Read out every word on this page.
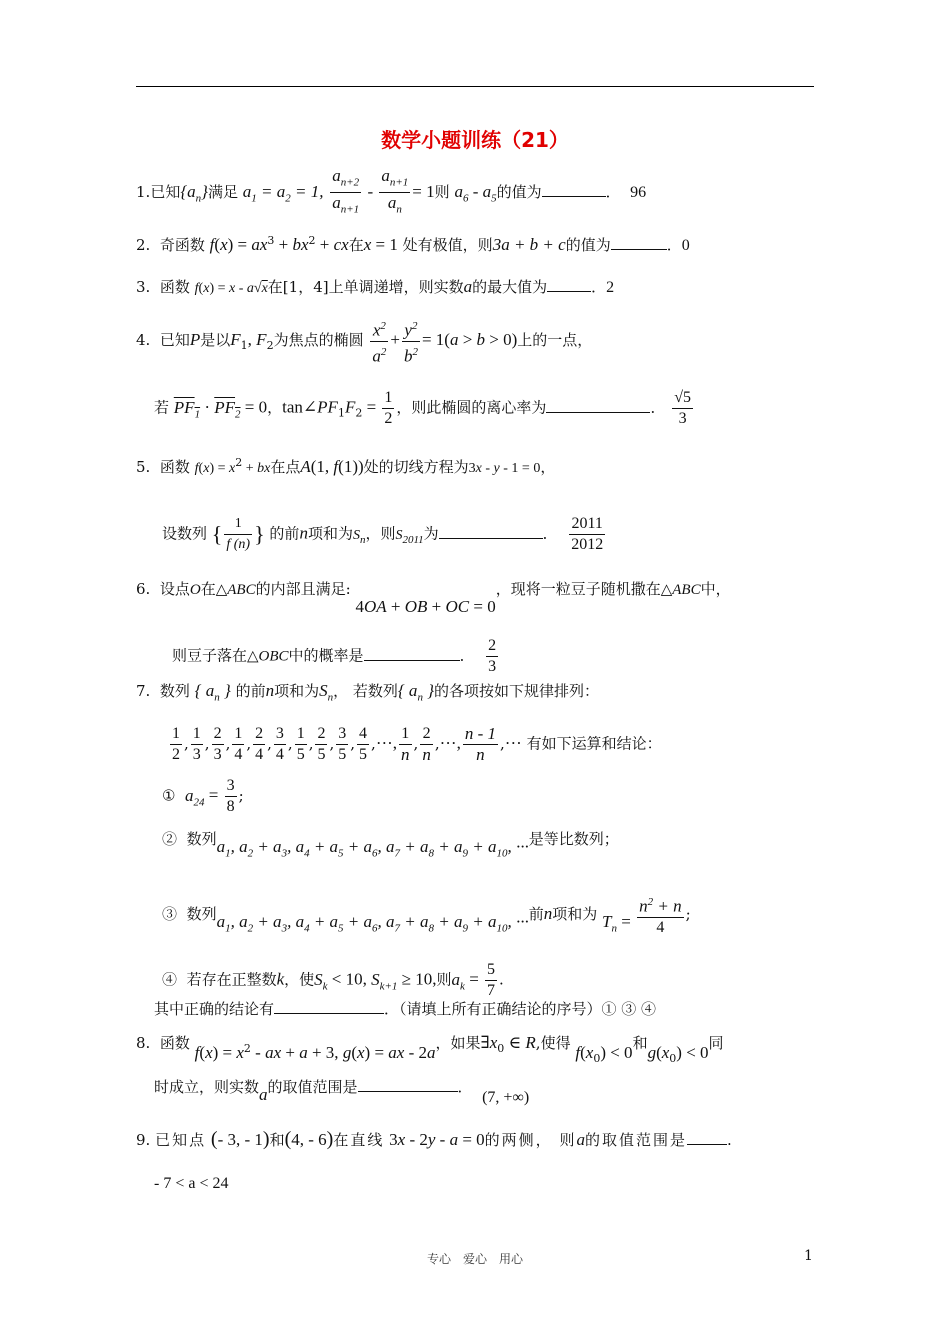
数学小题训练（21）
1.已知$\{a_n\}$满足 $a_1 = a_2 = 1$, $\frac{a_{n+2}}{a_{n+1}} - \frac{a_{n+1}}{a_n} = 1$则 $a_6 - a_5$的值为	．  96
2. 奇函数 $f(x) = ax^3 + bx^2$ + cx在x = 1 处有极值，则3a + b + c的值为	．0
3. 函数 f(x) = x - a√x在[1，4]上单调递增，则实数a的最大值为	．2
4. 已知P是以$F_1$, $F_2$为焦点的椭圆 $\frac{x^2}{a^2} + \frac{y^2}{b^2} = 1(a > b > 0)$上的一点，
若 $PF_1 \cdot PF_2 = 0$，$\tan\angle PF_1F_2 = \frac{1}{2}$ ，则此椭圆的离心率为	． $\frac{√5}{3}$
5. 函数 $f(x) = x^2$ + bx在点A(1, f(1))处的切线方程为3x - y - 1 = 0，
设数列 { $\frac{1}{f (n)}$ } 的前n项和为$S_n$，则$S_{2011}$为	． $\frac{2011}{2012}$
6. 设点O在△ABC的内部且满足: 4OA + OB + OC = 0，现将一粒豆子随机撒在△ABC中，
则豆子落在△OBC中的概率是	． $\frac{2}{3}$
7. 数列 { $a_n$ } 的前n项和为$S_n$， 若数列{ $a_n$ }的各项按如下规律排列：
$\frac{1}{2}$ , $\frac{1}{3}$ , $\frac{2}{3}$ , $\frac{1}{4}$ , $\frac{2}{4}$ , $\frac{3}{4}$ , $\frac{1}{5}$ , $\frac{2}{5}$ , $\frac{3}{5}$ , $\frac{4}{5}$ ,···, $\frac{1}{n}$ , $\frac{2}{n}$ ,···, $\frac{n - 1}{n}$ ,··· 有如下运算和结论：
① $a_{24} = \frac{3}{8}$ ;
② 数列$a_1$, $a_2 + a_3$, $a_4 + a_5 + a_6$, $a_7 + a_8 + a_9 + a_{10}$, ···是等比数列；
③ 数列$a_1$, $a_2 + a_3$, $a_4 + a_5 + a_6$, $a_7 + a_8 + a_9 + a_{10}$, ···前n项和为 $T_n = \frac{n^2 + n}{4}$ ;
④ 若存在正整数k，使$S_k < 10$, $S_{k+1} \ge 10$,则$a_k = \frac{5}{7}$ .
其中正确的结论有	．（请填上所有正确结论的序号）① ③ ④
8. 函数 $f(x) = x^2$ - ax + a + 3, g(x) = ax - 2a，如果$\exists x_0$ ∈ R,使得 $f(x_0) < 0$和$g(x_0) < 0$同
时成立，则实数a的取值范围是	．  (7, +∞)
9. 已知点 (- 3, - 1)和(4, - 6)在直线 3x - 2y - a = 0的两侧， 则a的取值范围是	.
- 7 < a < 24
专心　爱心　用心	1
